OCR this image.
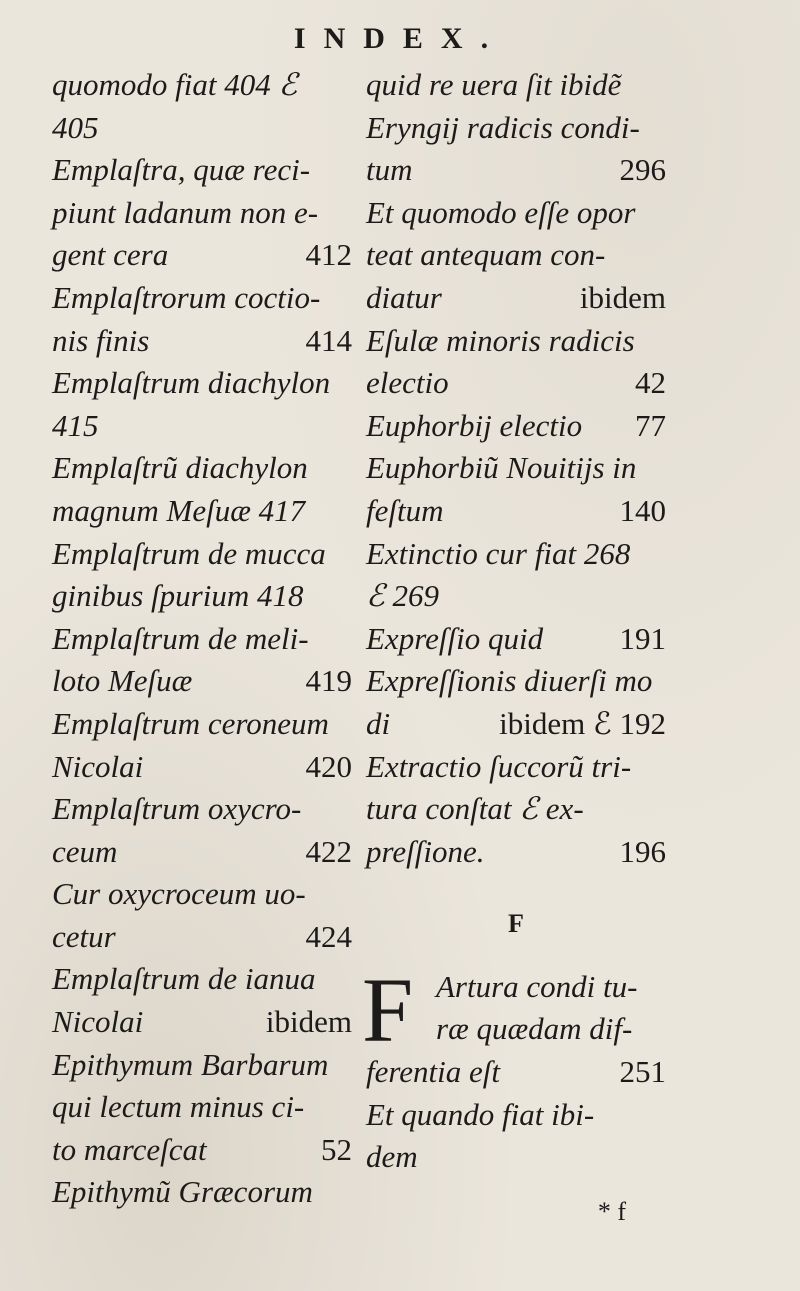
INDEX.
quomodo fiat 404 ℰ
405
Emplaſtra, quæ reci-
piunt ladanum non e-
gent cera	412
Emplaſtrorum coctio-
nis finis	414
Emplaſtrum diachylon
415
Emplaſtrũ diachylon
magnum Meſuæ 417
Emplaſtrum de mucca
ginibus ſpurium 418
Emplaſtrum de meli-
loto Meſuæ	419
Emplaſtrum ceroneum
Nicolai	420
Emplaſtrum oxycro-
ceum	422
Cur oxycroceum uo-
cetur	424
Emplaſtrum de ianua
Nicolai	ibidem
Epithymum Barbarum
qui lectum minus ci-
to marceſcat	52
Epithymũ Græcorum
quid re uera ſit ibidẽ
Eryngij radicis condi-
tum	296
Et quomodo eſſe opor
teat antequam con-
diatur	ibidem
Eſulæ minoris radicis
electio	42
Euphorbij electio 77
Euphorbiũ Nouitijs in
feſtum	140
Extinctio cur fiat 268
ℰ 269
Expreſſio quid 191
Expreſſionis diuerſi mo
di	ibidem ℰ 192
Extractio ſuccorũ tri-
tura conſtat ℰ ex-
preſſione.	196
F
F Artura condi tu-
ræ quædam dif-
ferentia eſt	251
Et quando fiat ibi-
dem
* f
